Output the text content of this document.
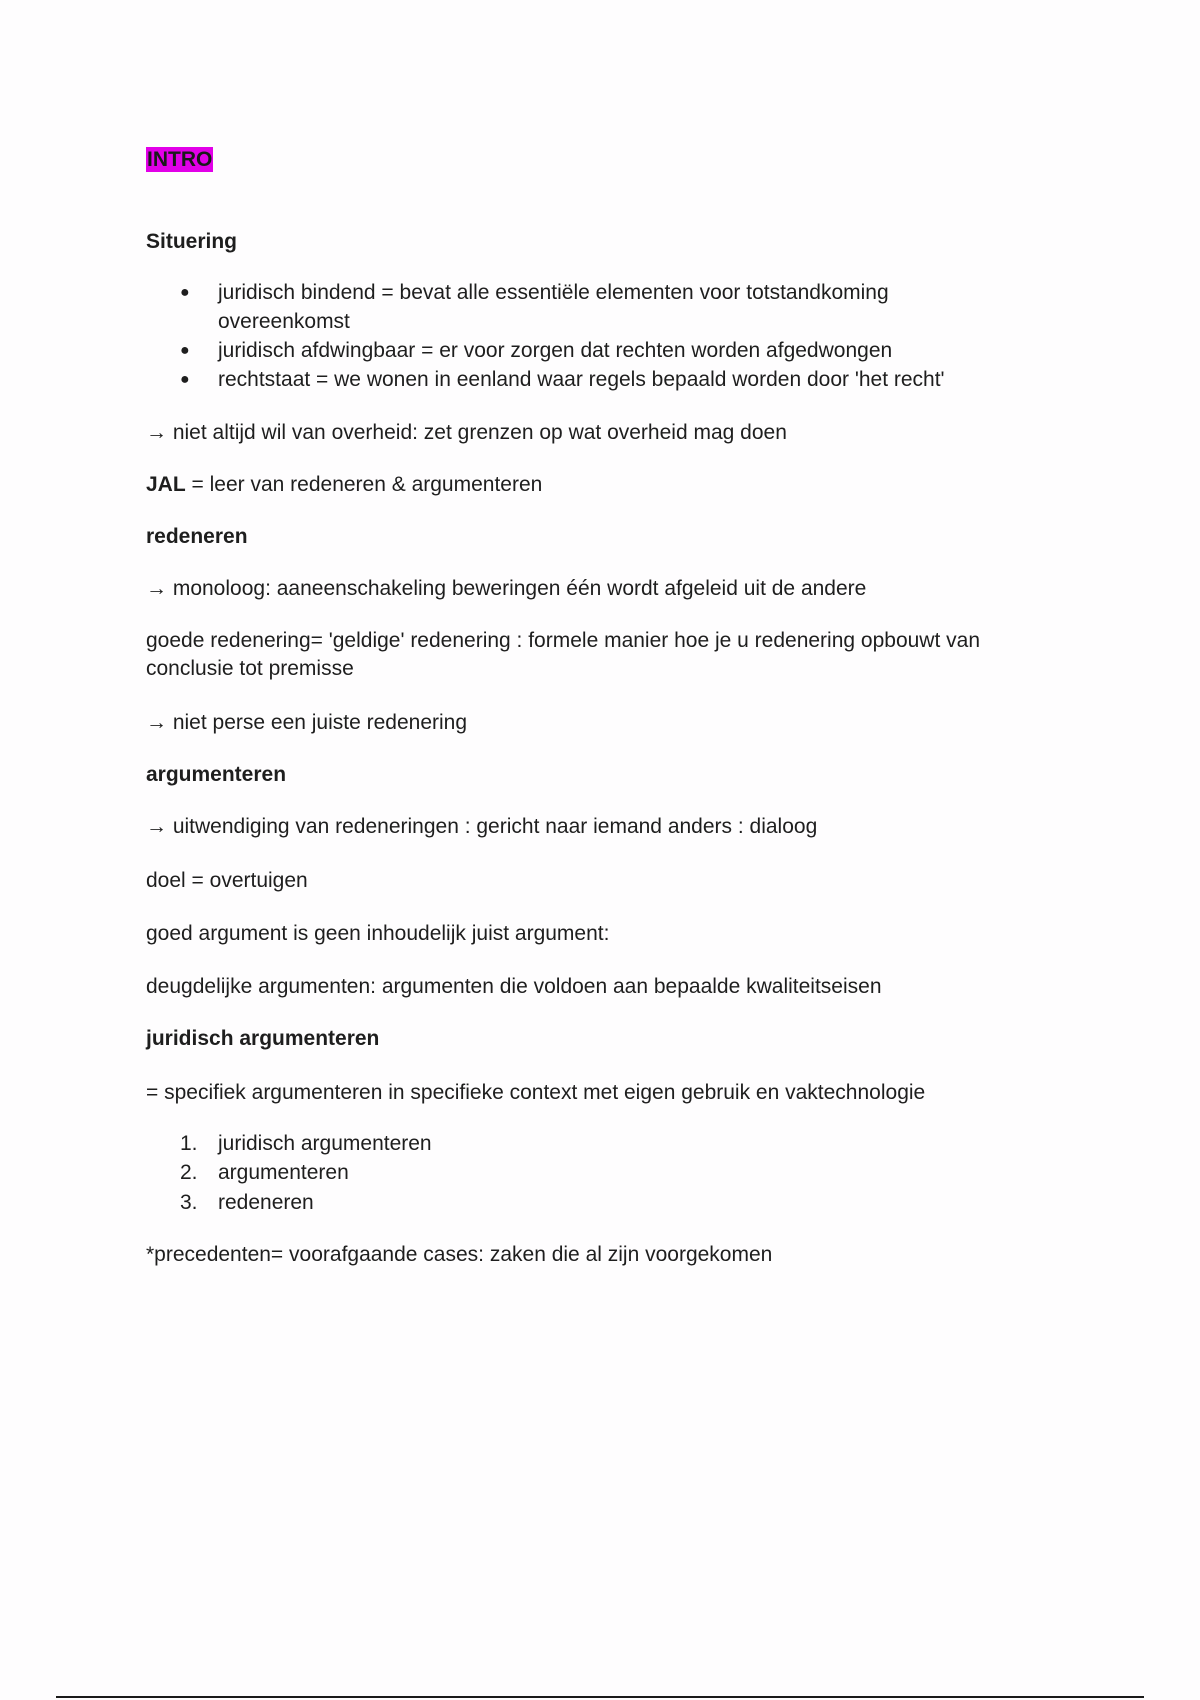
INTRO

Situering

● juridisch bindend = bevat alle essentiële elementen voor totstandkoming
overeenkomst
● juridisch afdwingbaar = er voor zorgen dat rechten worden afgedwongen
● rechtstaat = we wonen in eenland waar regels bepaald worden door 'het recht'

→ niet altijd wil van overheid: zet grenzen op wat overheid mag doen

JAL = leer van redeneren & argumenteren

redeneren

→ monoloog: aaneenschakeling beweringen één wordt afgeleid uit de andere

goede redenering= 'geldige' redenering : formele manier hoe je u redenering opbouwt van

conclusie tot premisse

→ niet perse een juiste redenering

argumenteren

→ uitwendiging van redeneringen : gericht naar iemand anders : dialoog

doel = overtuigen

goed argument is geen inhoudelijk juist argument:

deugdelijke argumenten: argumenten die voldoen aan bepaalde kwaliteitseisen

juridisch argumenteren

= specifiek argumenteren in specifieke context met eigen gebruik en vaktechnologie

1. juridisch argumenteren
2. argumenteren
3. redeneren

*precedenten= voorafgaande cases: zaken die al zijn voorgekomen
